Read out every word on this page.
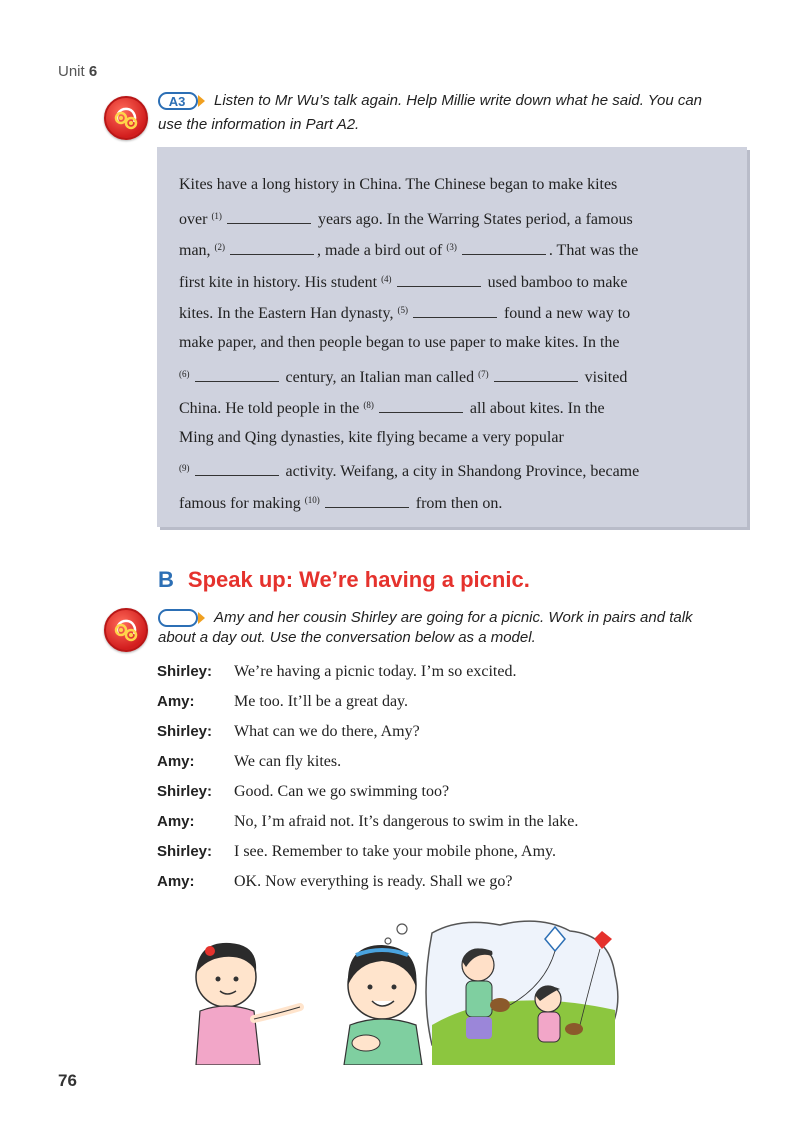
Unit 6
A3 Listen to Mr Wu’s talk again. Help Millie write down what he said. You can
use the information in Part A2.
Kites have a long history in China. The Chinese began to make kites
over $^{(1)}$	years ago. In the Warring States period, a famous
man, $^{(2)}$	, made a bird out of $^{(3)}$	. That was the
first kite in history. His student $^{(4)}$	used bamboo to make
kites. In the Eastern Han dynasty, $^{(5)}$	found a new way to
make paper, and then people began to use paper to make kites. In the
$^{(6)}$	century, an Italian man called $^{(7)}$	visited
China. He told people in the $^{(8)}$	all about kites. In the
Ming and Qing dynasties, kite flying became a very popular
$^{(9)}$	activity. Weifang, a city in Shandong Province, became
famous for making $^{(10)}$	from then on.
B Speak up: We’re having a picnic.
Amy and her cousin Shirley are going for a picnic. Work in pairs and talk
about a day out. Use the conversation below as a model.
Shirley: We’re having a picnic today. I’m so excited.
Amy: Me too. It’ll be a great day.
Shirley: What can we do there, Amy?
Amy: We can fly kites.
Shirley: Good. Can we go swimming too?
Amy: No, I’m afraid not. It’s dangerous to swim in the lake.
Shirley: I see. Remember to take your mobile phone, Amy.
Amy: OK. Now everything is ready. Shall we go?
76
